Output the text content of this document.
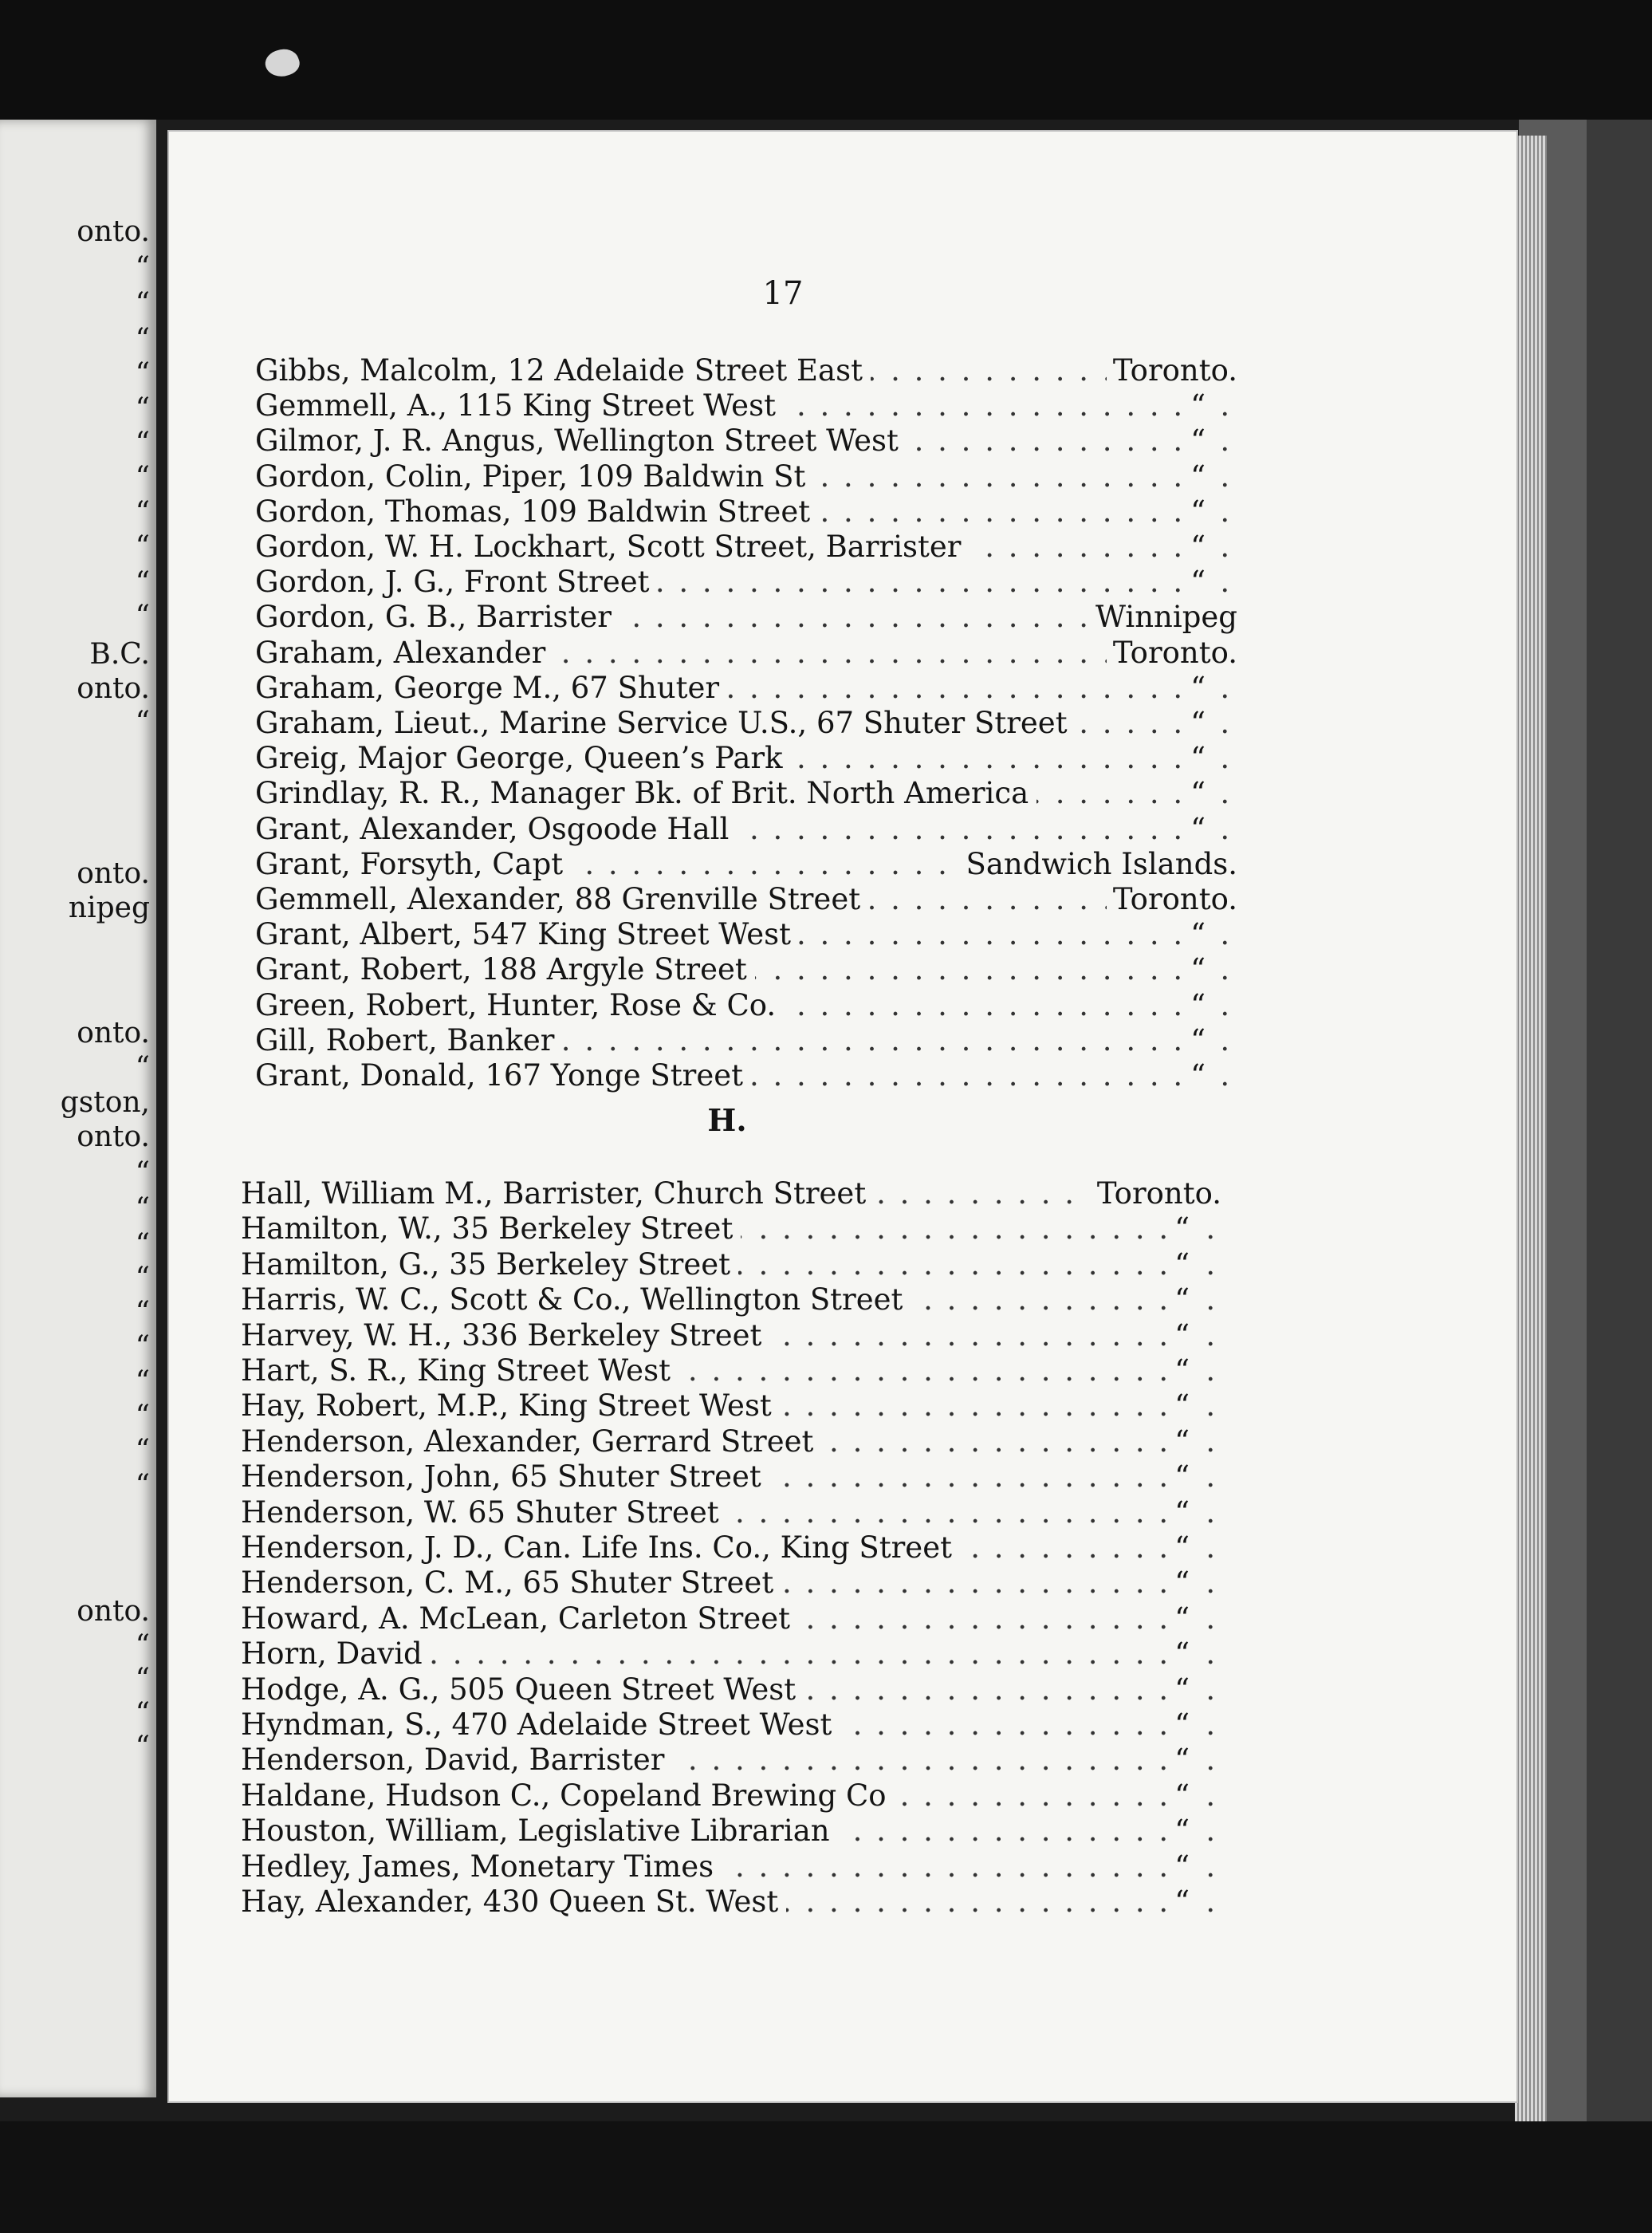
onto.
“
“
“
“
“
“
“
“
“
“
“
B.C.
onto.
“
onto.
nipeg
onto.
“
gston,
onto.
“
“
“
“
“
“
“
“
“
“
onto.
“
“
“
“
17
H.
. . .
Gibbs, Malcolm, 12 Adelaide Street East	Toronto.
. . .
Gemmell, A., 115 King Street West	“
. . .
Gilmor, J. R. Angus, Wellington Street West	“
. . .
Gordon, Colin, Piper, 109 Baldwin St	“
. . .
Gordon, Thomas, 109 Baldwin Street	“
. . .
Gordon, W. H. Lockhart, Scott Street, Barrister	“
. . .
Gordon, J. G., Front Street	“
. . .
Gordon, G. B., Barrister	Winnipeg
. . .
Graham, Alexander	Toronto.
. . .
Graham, George M., 67 Shuter	“
. . .
Graham, Lieut., Marine Service U.S., 67 Shuter Street	“
. . .
Greig, Major George, Queen’s Park	“
. . .
Grindlay, R. R., Manager Bk. of Brit. North America	“
. . .
Grant, Alexander, Osgoode Hall	“
. . .
Grant, Forsyth, Capt	Sandwich Islands.
. . .
Gemmell, Alexander, 88 Grenville Street	Toronto.
. . .
Grant, Albert, 547 King Street West	“
. . .
Grant, Robert, 188 Argyle Street	“
. . .
Green, Robert, Hunter, Rose & Co.	“
. . .
Gill, Robert, Banker	“
. . .
Grant, Donald, 167 Yonge Street	“
. . .
Hall, William M., Barrister, Church Street	Toronto.
. . .
Hamilton, W., 35 Berkeley Street	“
. . .
Hamilton, G., 35 Berkeley Street	“
. . .
Harris, W. C., Scott & Co., Wellington Street	“
. . .
Harvey, W. H., 336 Berkeley Street	“
. . .
Hart, S. R., King Street West	“
. . .
Hay, Robert, M.P., King Street West	“
. . .
Henderson, Alexander, Gerrard Street	“
. . .
Henderson, John, 65 Shuter Street	“
. . .
Henderson, W. 65 Shuter Street	“
. . .
Henderson, J. D., Can. Life Ins. Co., King Street	“
. . .
Henderson, C. M., 65 Shuter Street	“
. . .
Howard, A. McLean, Carleton Street	“
. . .
Horn, David	“
. . .
Hodge, A. G., 505 Queen Street West	“
. . .
Hyndman, S., 470 Adelaide Street West	“
. . .
Henderson, David, Barrister	“
. . .
Haldane, Hudson C., Copeland Brewing Co	“
. . .
Houston, William, Legislative Librarian	“
. . .
Hedley, James, Monetary Times	“
. . .
Hay, Alexander, 430 Queen St. West	“
